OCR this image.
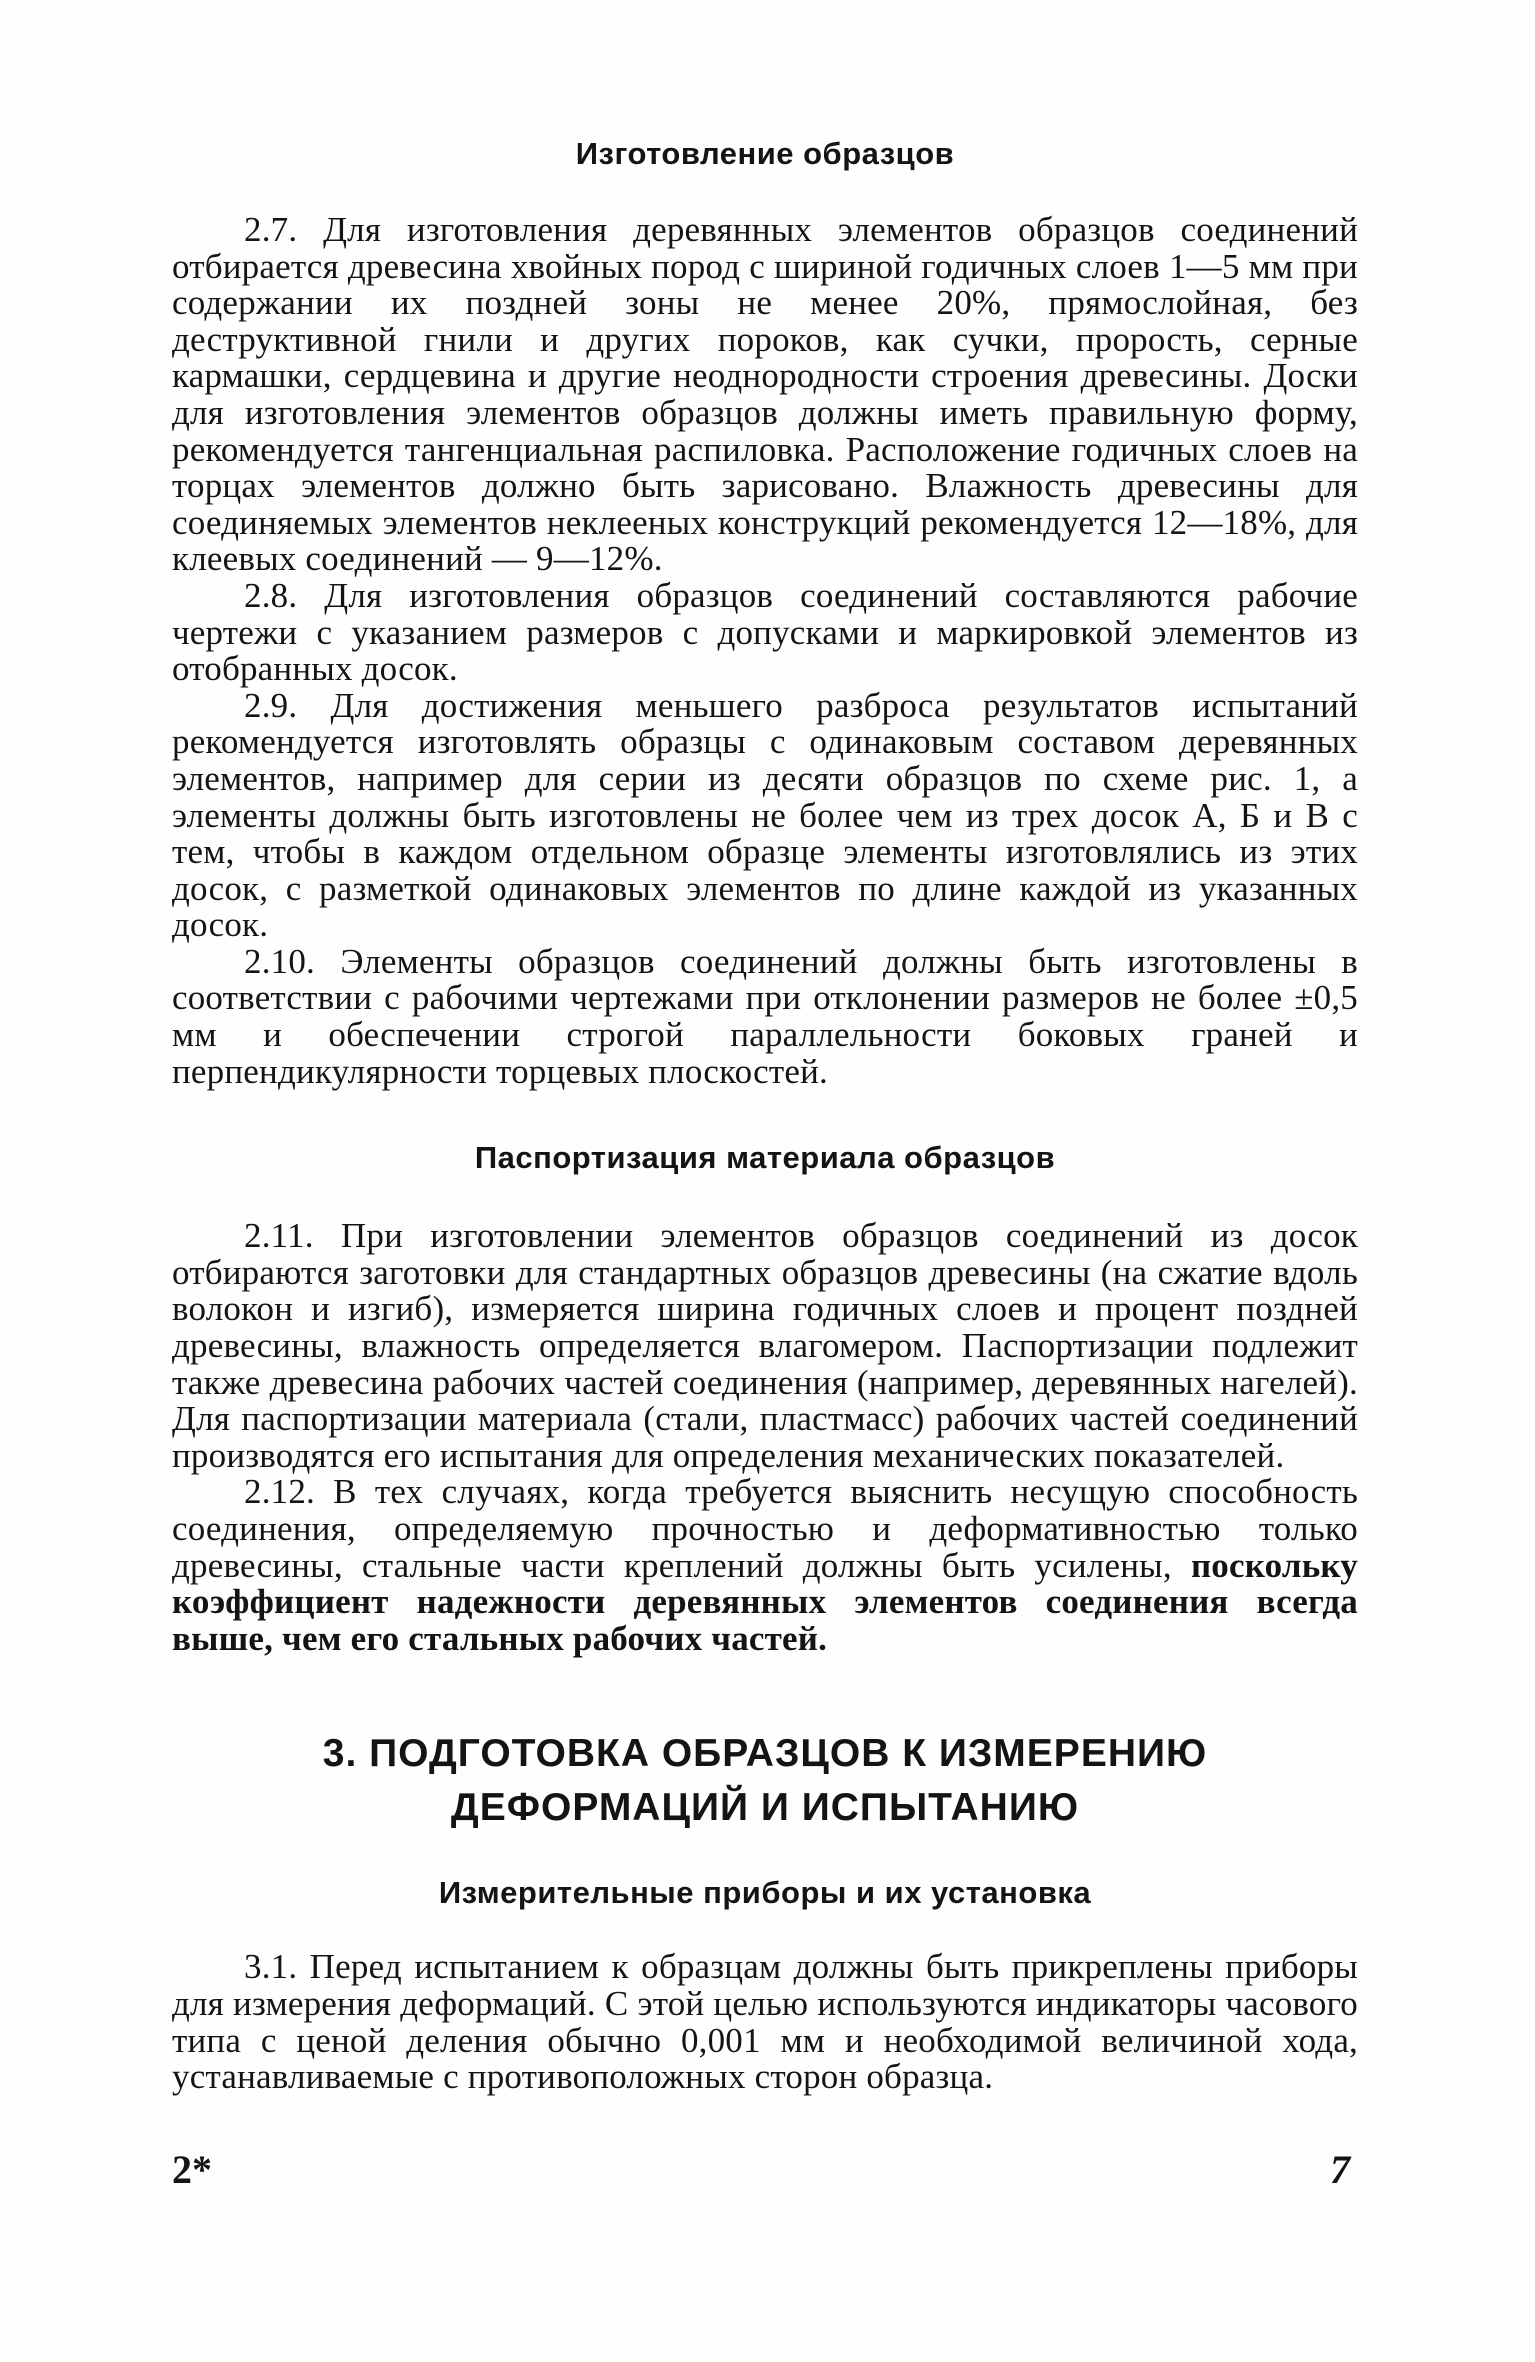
Изготовление образцов

2.7. Для изготовления деревянных элементов образцов соединений отбирается древесина хвойных пород с шириной годичных слоев 1—5 мм при содержании их поздней зоны не менее 20%, прямослойная, без деструктивной гнили и других пороков, как сучки, прорость, серные кармашки, сердцевина и другие неоднородности строения древесины. Доски для изготовления элементов образцов должны иметь правильную форму, рекомендуется тангенциальная распиловка. Расположение годичных слоев на торцах элементов должно быть зарисовано. Влажность древесины для соединяемых элементов неклееных конструкций рекомендуется 12—18%, для клеевых соединений — 9—12%.

2.8. Для изготовления образцов соединений составляются рабочие чертежи с указанием размеров с допусками и маркировкой элементов из отобранных досок.

2.9. Для достижения меньшего разброса результатов испытаний рекомендуется изготовлять образцы с одинаковым составом деревянных элементов, например для серии из десяти образцов по схеме рис. 1, а элементы должны быть изготовлены не более чем из трех досок А, Б и В с тем, чтобы в каждом отдельном образце элементы изготовлялись из этих досок, с разметкой одинаковых элементов по длине каждой из указанных досок.

2.10. Элементы образцов соединений должны быть изготовлены в соответствии с рабочими чертежами при отклонении размеров не более ±0,5 мм и обеспечении строгой параллельности боковых граней и перпендикулярности торцевых плоскостей.

Паспортизация материала образцов

2.11. При изготовлении элементов образцов соединений из досок отбираются заготовки для стандартных образцов древесины (на сжатие вдоль волокон и изгиб), измеряется ширина годичных слоев и процент поздней древесины, влажность определяется влагомером. Паспортизации подлежит также древесина рабочих частей соединения (например, деревянных нагелей). Для паспортизации материала (стали, пластмасс) рабочих частей соединений производятся его испытания для определения механических показателей.

2.12. В тех случаях, когда требуется выяснить несущую способность соединения, определяемую прочностью и деформативностью только древесины, стальные части креплений должны быть усилены, поскольку коэффициент надежности деревянных элементов соединения всегда выше, чем его стальных рабочих частей.

3. ПОДГОТОВКА ОБРАЗЦОВ К ИЗМЕРЕНИЮ
ДЕФОРМАЦИЙ И ИСПЫТАНИЮ
Измерительные приборы и их установка

3.1. Перед испытанием к образцам должны быть прикреплены приборы для измерения деформаций. С этой целью используются индикаторы часового типа с ценой деления обычно 0,001 мм и необходимой величиной хода, устанавливаемые с противоположных сторон образца.

2*	7
